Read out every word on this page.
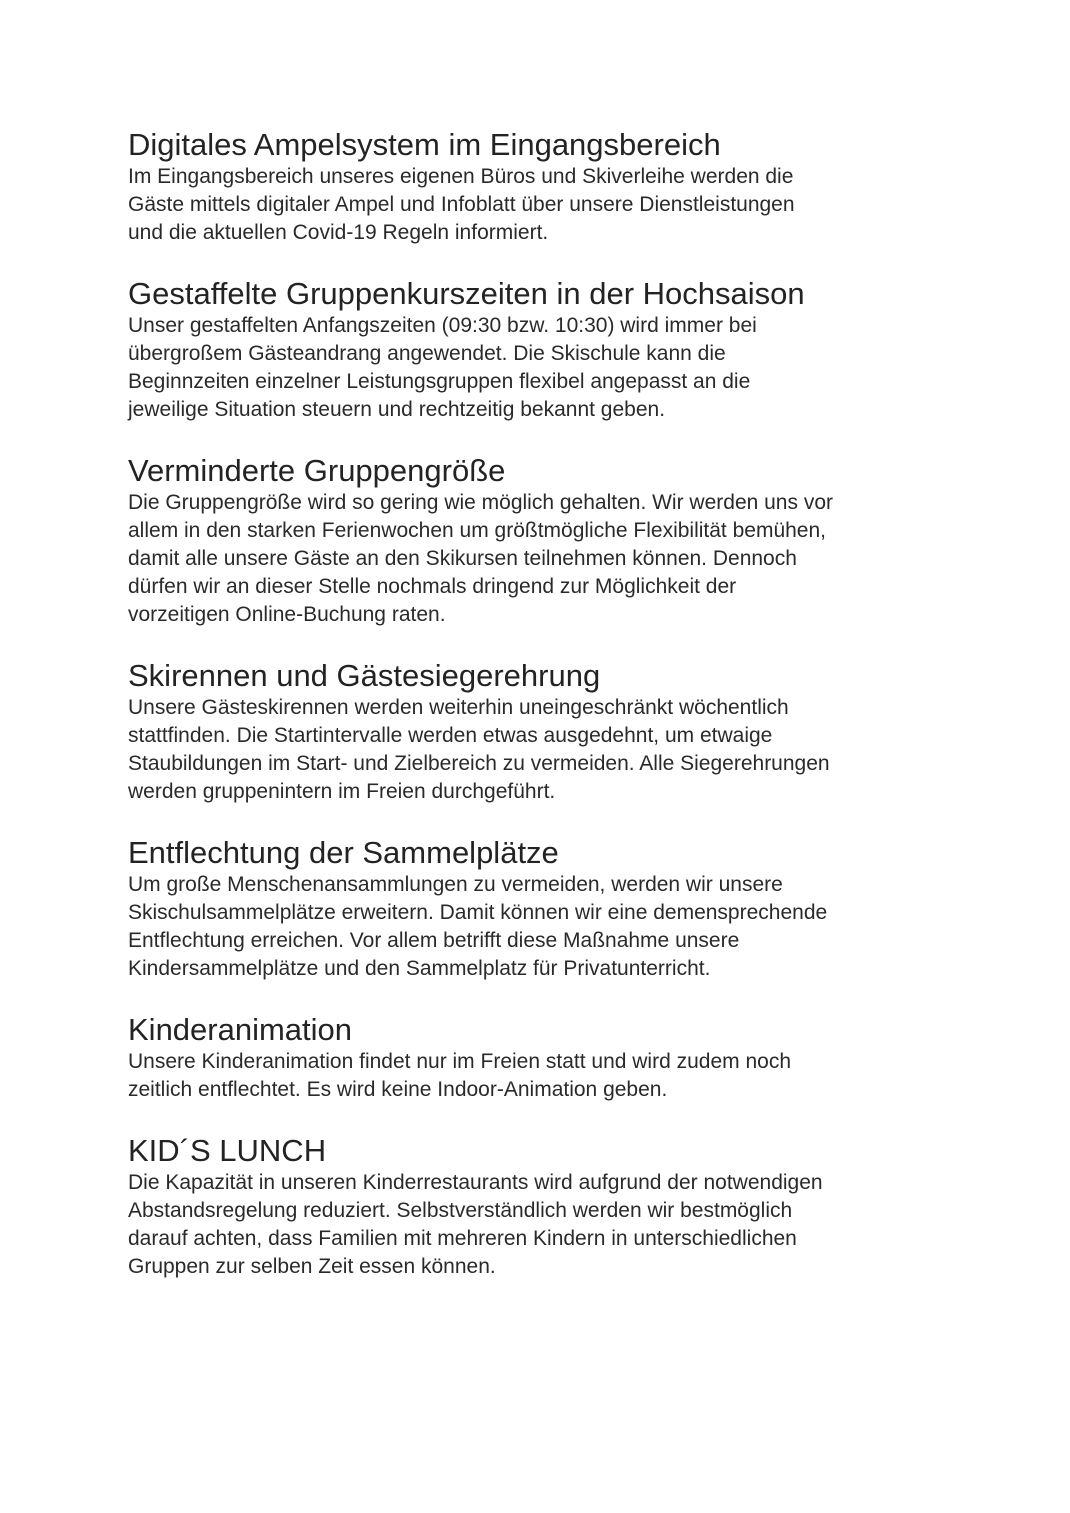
Digitales Ampelsystem im Eingangsbereich

Im Eingangsbereich unseres eigenen Büros und Skiverleihe werden die
Gäste mittels digitaler Ampel und Infoblatt über unsere Dienstleistungen
und die aktuellen Covid-19 Regeln informiert.

Gestaffelte Gruppenkurszeiten in der Hochsaison

Unser gestaffelten Anfangszeiten (09:30 bzw. 10:30) wird immer bei
übergroßem Gästeandrang angewendet. Die Skischule kann die
Beginnzeiten einzelner Leistungsgruppen flexibel angepasst an die
jeweilige Situation steuern und rechtzeitig bekannt geben.

Verminderte Gruppengröße

Die Gruppengröße wird so gering wie möglich gehalten. Wir werden uns vor
allem in den starken Ferienwochen um größtmögliche Flexibilität bemühen,
damit alle unsere Gäste an den Skikursen teilnehmen können. Dennoch
dürfen wir an dieser Stelle nochmals dringend zur Möglichkeit der
vorzeitigen Online-Buchung raten.

Skirennen und Gästesiegerehrung

Unsere Gästeskirennen werden weiterhin uneingeschränkt wöchentlich
stattfinden. Die Startintervalle werden etwas ausgedehnt, um etwaige
Staubildungen im Start- und Zielbereich zu vermeiden. Alle Siegerehrungen
werden gruppenintern im Freien durchgeführt.

Entflechtung der Sammelplätze

Um große Menschenansammlungen zu vermeiden, werden wir unsere
Skischulsammelplätze erweitern. Damit können wir eine demensprechende
Entflechtung erreichen. Vor allem betrifft diese Maßnahme unsere
Kindersammelplätze und den Sammelplatz für Privatunterricht.

Kinderanimation

Unsere Kinderanimation findet nur im Freien statt und wird zudem noch
zeitlich entflechtet. Es wird keine Indoor-Animation geben.

KID´S LUNCH

Die Kapazität in unseren Kinderrestaurants wird aufgrund der notwendigen
Abstandsregelung reduziert. Selbstverständlich werden wir bestmöglich
darauf achten, dass Familien mit mehreren Kindern in unterschiedlichen
Gruppen zur selben Zeit essen können.
